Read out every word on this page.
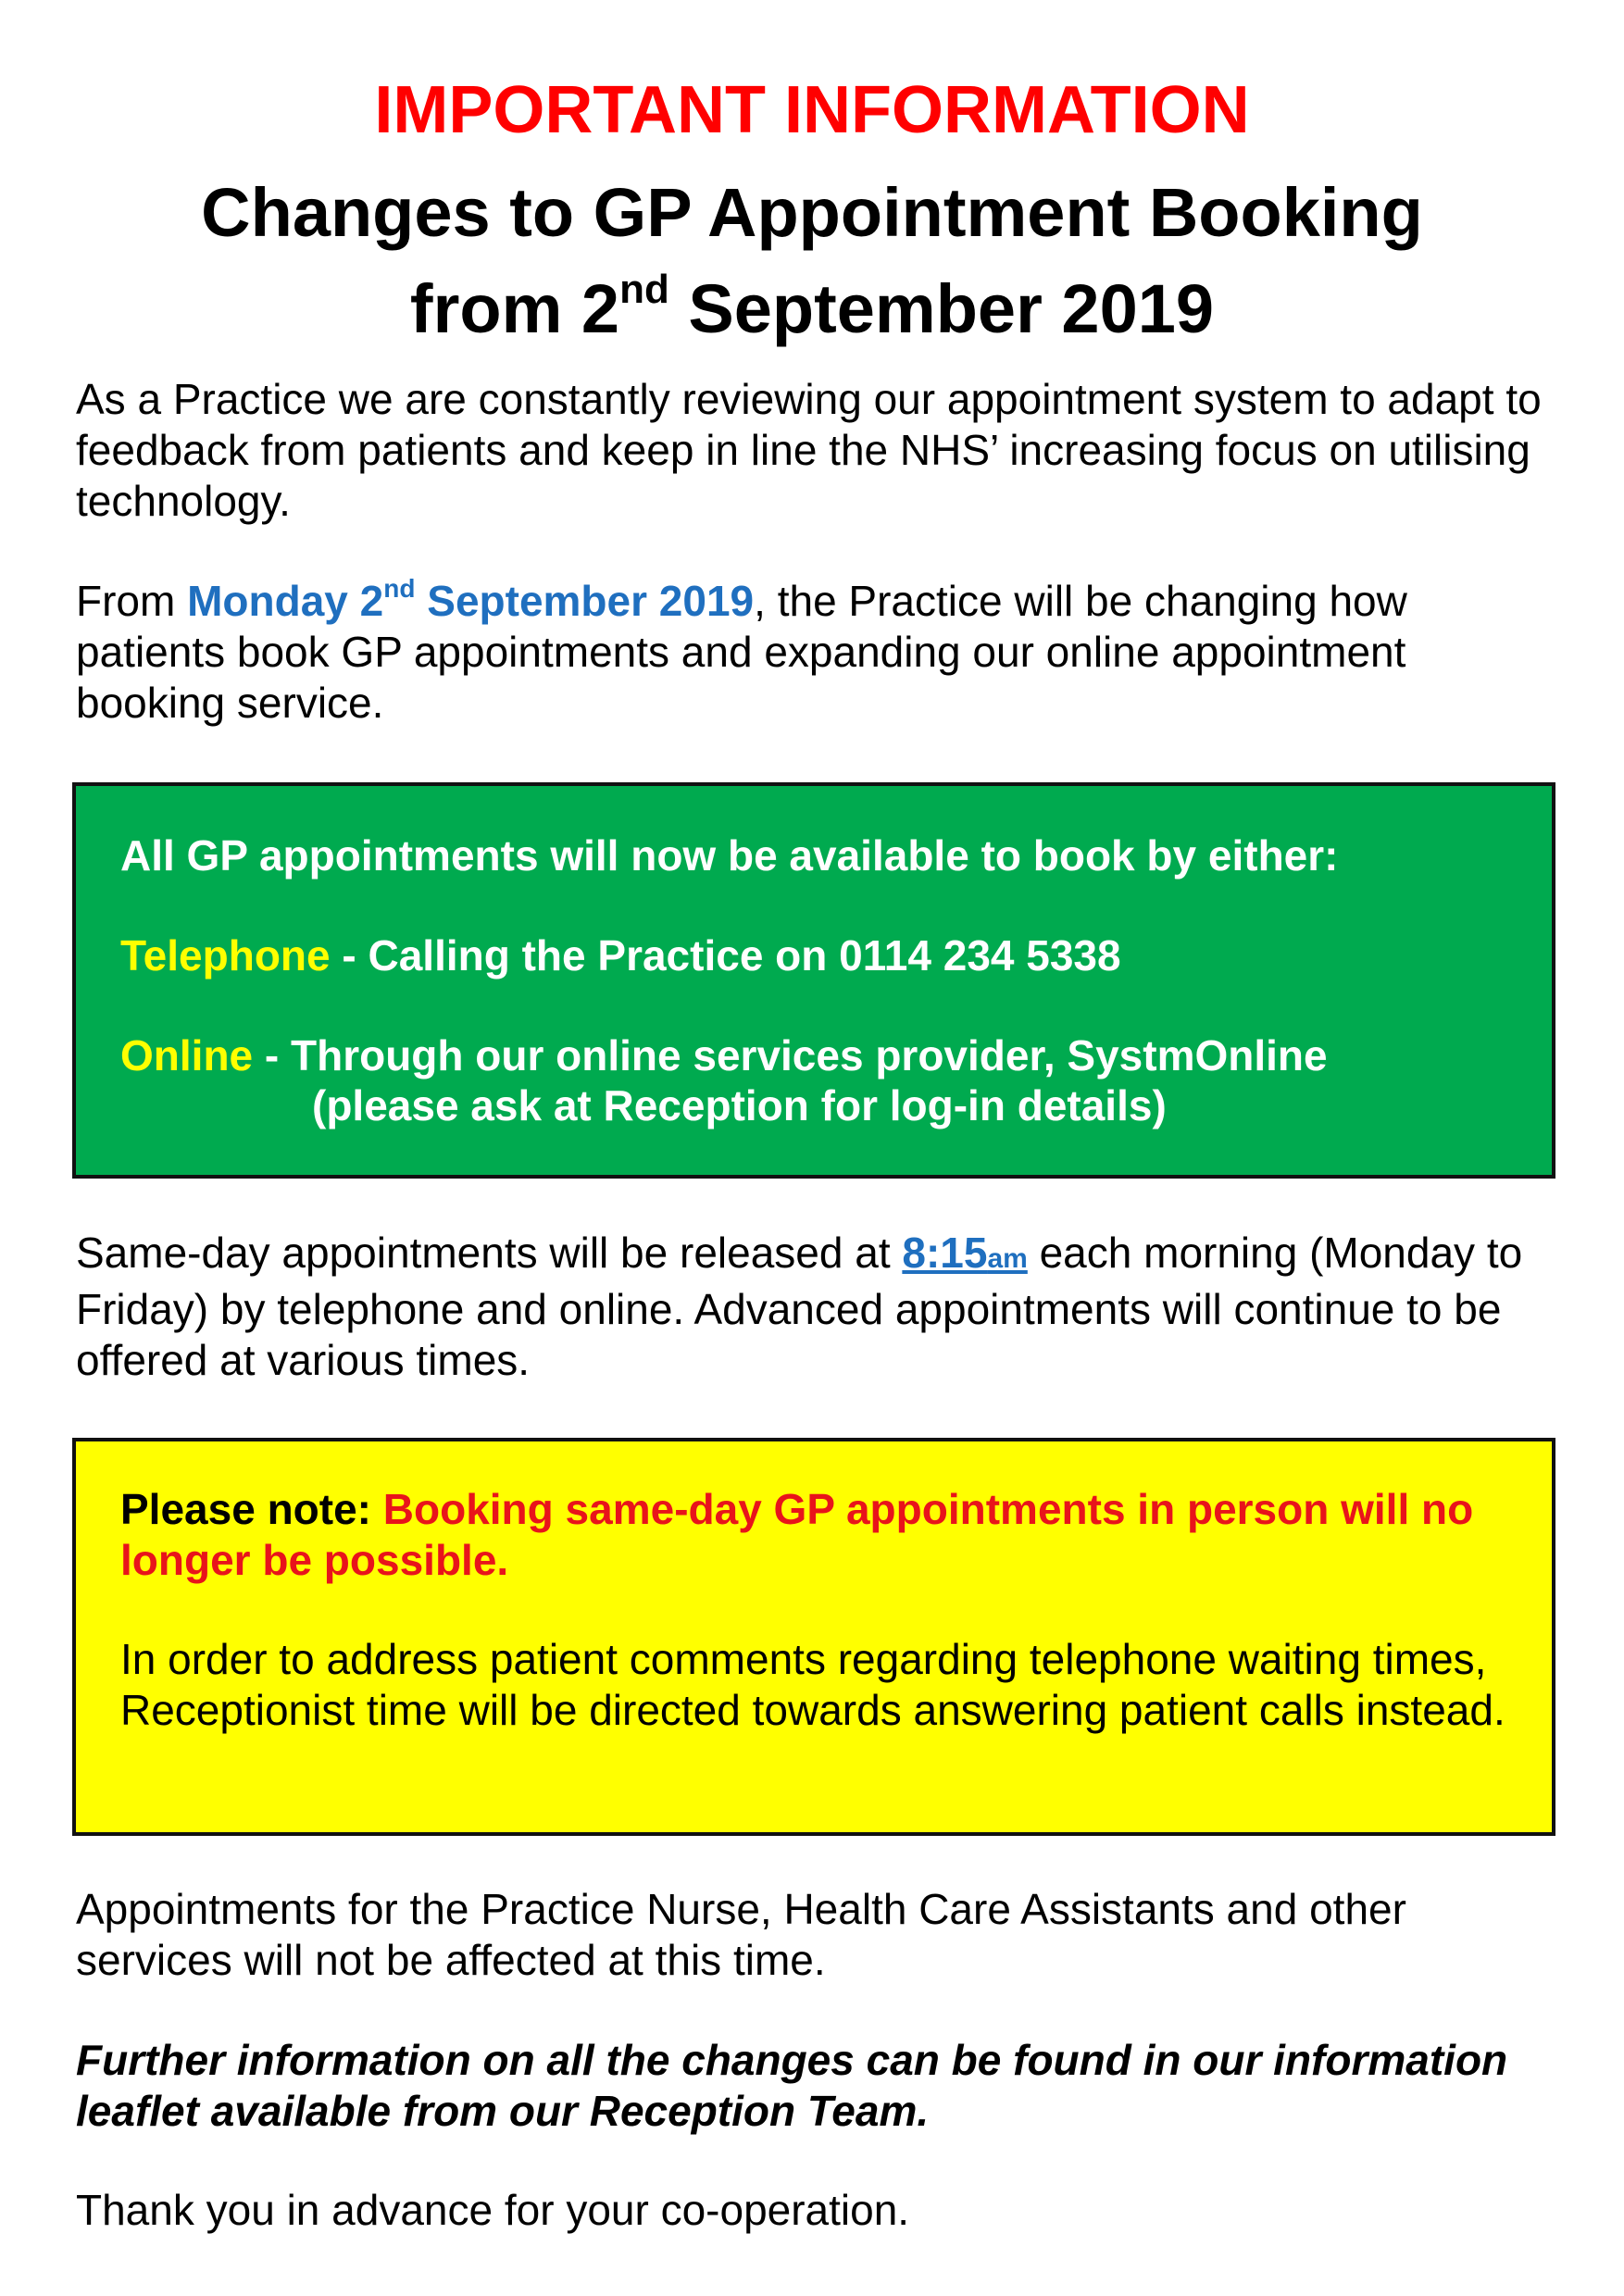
IMPORTANT INFORMATION
Changes to GP Appointment Booking
from 2nd September 2019
As a Practice we are constantly reviewing our appointment system to adapt to feedback from patients and keep in line the NHS’ increasing focus on utilising technology.
From Monday 2nd September 2019, the Practice will be changing how patients book GP appointments and expanding our online appointment booking service.
All GP appointments will now be available to book by either:
Telephone - Calling the Practice on 0114 234 5338
Online - Through our online services provider, SystmOnline
(please ask at Reception for log-in details)
Same-day appointments will be released at 8:15am each morning (Monday to Friday) by telephone and online. Advanced appointments will continue to be offered at various times.
Please note: Booking same-day GP appointments in person will no longer be possible.
In order to address patient comments regarding telephone waiting times, Receptionist time will be directed towards answering patient calls instead.
Appointments for the Practice Nurse, Health Care Assistants and other services will not be affected at this time.
Further information on all the changes can be found in our information leaflet available from our Reception Team.
Thank you in advance for your co-operation.
